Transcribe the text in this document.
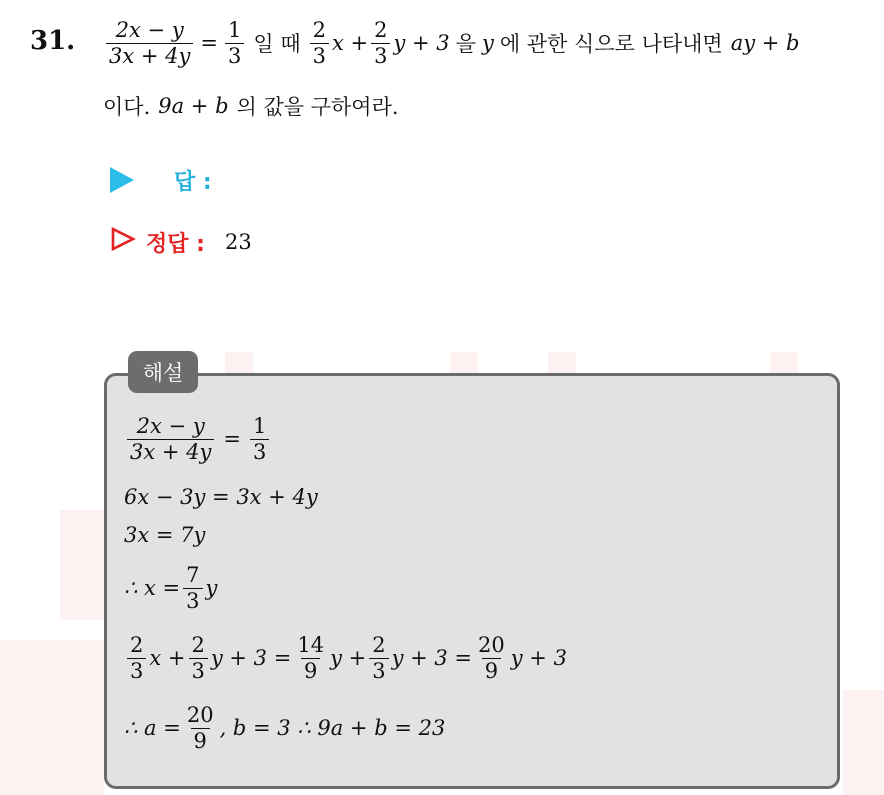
31. $\frac{2x - y}{3x + 4y} = \frac{1}{3}$ 일 때 $\frac{2}{3}$ $x + \frac{2}{3}$ y + 3 을 y 에 관한 식으로 나타내면 ay + b
이다. 9a + b 의 값을 구하여라.
답 :
정답 : 23
해설
$\frac{2x - y}{3x + 4y} = \frac{1}{3}$
6x − 3y = 3x + 4y
3x = 7y
∴ $x = \frac{7}{3}$ y
$\frac{2}{3}$ $x + \frac{2}{3}$ $y + 3 = \frac{14}{9}$ $y + \frac{2}{3}$ $y + 3 = \frac{20}{9}$ y + 3
∴ $a = \frac{20}{9}$ , b = 3 ∴ 9a + b = 23
